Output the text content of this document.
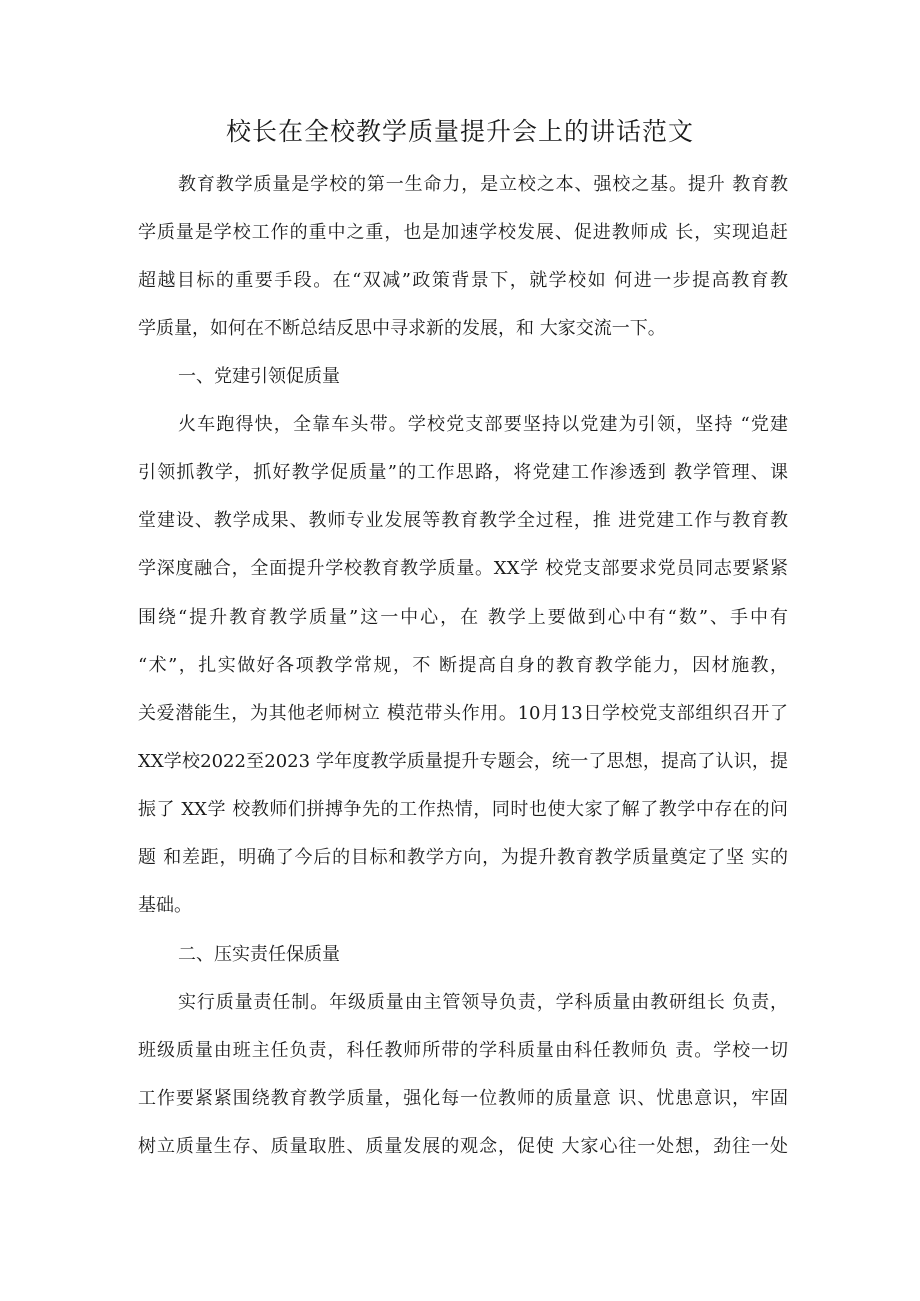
校长在全校教学质量提升会上的讲话范文
教育教学质量是学校的第一生命力，是立校之本、强校之基。提升 教育教
学质量是学校工作的重中之重，也是加速学校发展、促进教师成 长，实现追赶
超越目标的重要手段。在“双减”政策背景下，就学校如 何进一步提高教育教
学质量，如何在不断总结反思中寻求新的发展，和 大家交流一下。
一、党建引领促质量
火车跑得快，全靠车头带。学校党支部要坚持以党建为引领，坚持 “党建
引领抓教学，抓好教学促质量”的工作思路，将党建工作渗透到 教学管理、课
堂建设、教学成果、教师专业发展等教育教学全过程，推 进党建工作与教育教
学深度融合，全面提升学校教育教学质量。XX学 校党支部要求党员同志要紧紧
围绕“提升教育教学质量”这一中心，在 教学上要做到心中有“数”、手中有
“术”，扎实做好各项教学常规，不 断提高自身的教育教学能力，因材施教，
关爱潜能生，为其他老师树立 模范带头作用。10月13日学校党支部组织召开了
XX学校2022至2023 学年度教学质量提升专题会，统一了思想，提高了认识，提
振了 XX学 校教师们拼搏争先的工作热情，同时也使大家了解了教学中存在的问
题 和差距，明确了今后的目标和教学方向，为提升教育教学质量奠定了坚 实的
基础。
二、压实责任保质量
实行质量责任制。年级质量由主管领导负责，学科质量由教研组长 负责，
班级质量由班主任负责，科任教师所带的学科质量由科任教师负 责。学校一切
工作要紧紧围绕教育教学质量，强化每一位教师的质量意 识、忧患意识，牢固
树立质量生存、质量取胜、质量发展的观念，促使 大家心往一处想，劲往一处
